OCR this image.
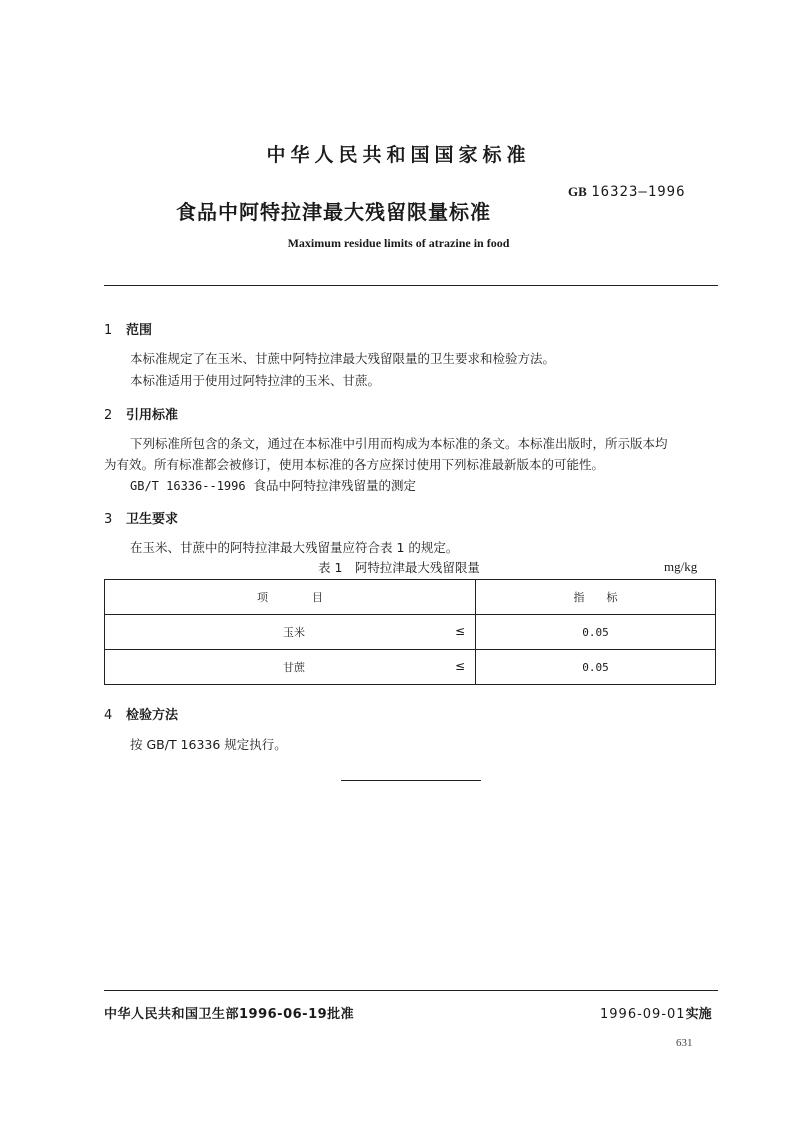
中华人民共和国国家标准
GB 16323—1996
食品中阿特拉津最大残留限量标准
Maximum residue limits of atrazine in food
1 范围
本标准规定了在玉米、甘蔗中阿特拉津最大残留限量的卫生要求和检验方法。
本标准适用于使用过阿特拉津的玉米、甘蔗。
2 引用标准
下列标准所包含的条文，通过在本标准中引用而构成为本标准的条文。本标准出版时，所示版本均
为有效。所有标准都会被修订，使用本标准的各方应探讨使用下列标准最新版本的可能性。
GB/T 16336--1996 食品中阿特拉津残留量的测定
3 卫生要求
在玉米、甘蔗中的阿特拉津最大残留量应符合表 1 的规定。
表 1　阿特拉津最大残留限量	mg/kg
项　　　　目	指　　标
玉米 ≤	0.05
甘蔗 ≤	0.05
4 检验方法
按 GB/T 16336 规定执行。
中华人民共和国卫生部1996-06-19批准	1996-09-01实施
631
